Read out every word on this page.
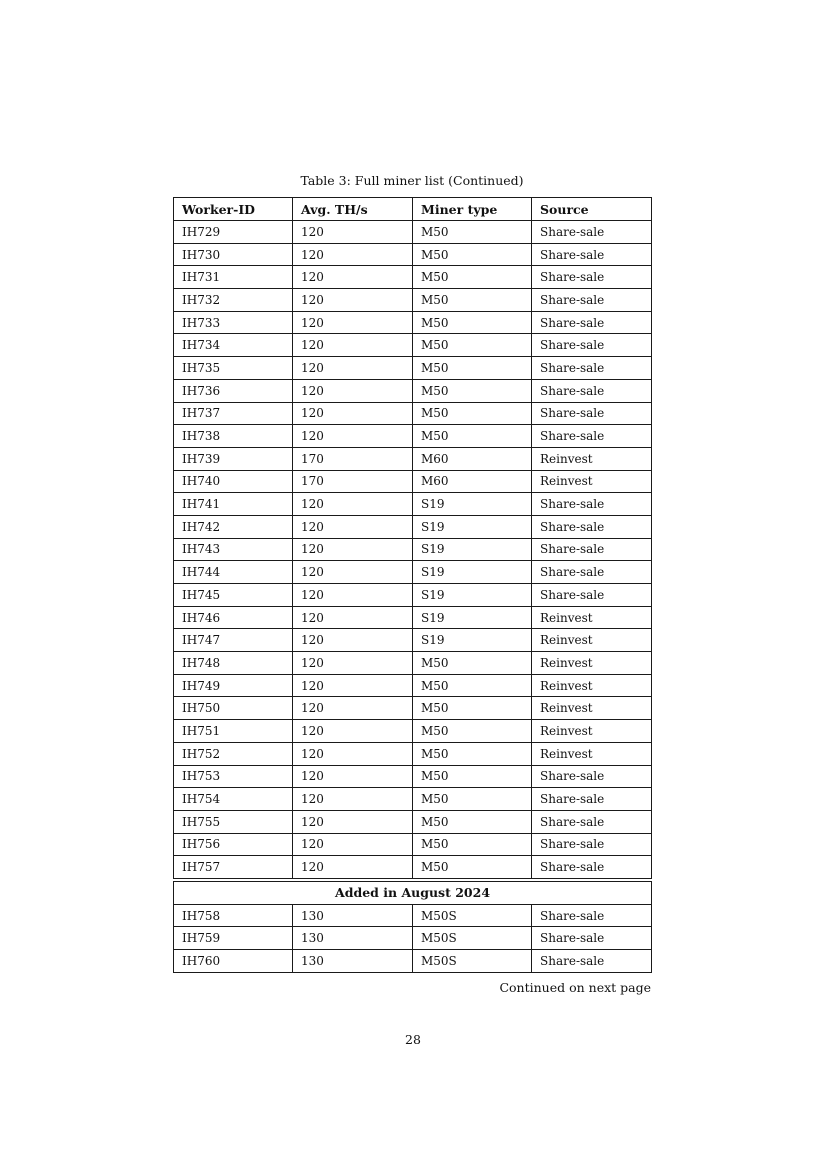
Table 3: Full miner list (Continued)
Worker-ID	Avg. TH/s	Miner type	Source
IH729	120	M50	Share-sale
IH730	120	M50	Share-sale
IH731	120	M50	Share-sale
IH732	120	M50	Share-sale
IH733	120	M50	Share-sale
IH734	120	M50	Share-sale
IH735	120	M50	Share-sale
IH736	120	M50	Share-sale
IH737	120	M50	Share-sale
IH738	120	M50	Share-sale
IH739	170	M60	Reinvest
IH740	170	M60	Reinvest
IH741	120	S19	Share-sale
IH742	120	S19	Share-sale
IH743	120	S19	Share-sale
IH744	120	S19	Share-sale
IH745	120	S19	Share-sale
IH746	120	S19	Reinvest
IH747	120	S19	Reinvest
IH748	120	M50	Reinvest
IH749	120	M50	Reinvest
IH750	120	M50	Reinvest
IH751	120	M50	Reinvest
IH752	120	M50	Reinvest
IH753	120	M50	Share-sale
IH754	120	M50	Share-sale
IH755	120	M50	Share-sale
IH756	120	M50	Share-sale
IH757	120	M50	Share-sale
Added in August 2024			
IH758	130	M50S	Share-sale
IH759	130	M50S	Share-sale
IH760	130	M50S	Share-sale
Continued on next page
28
